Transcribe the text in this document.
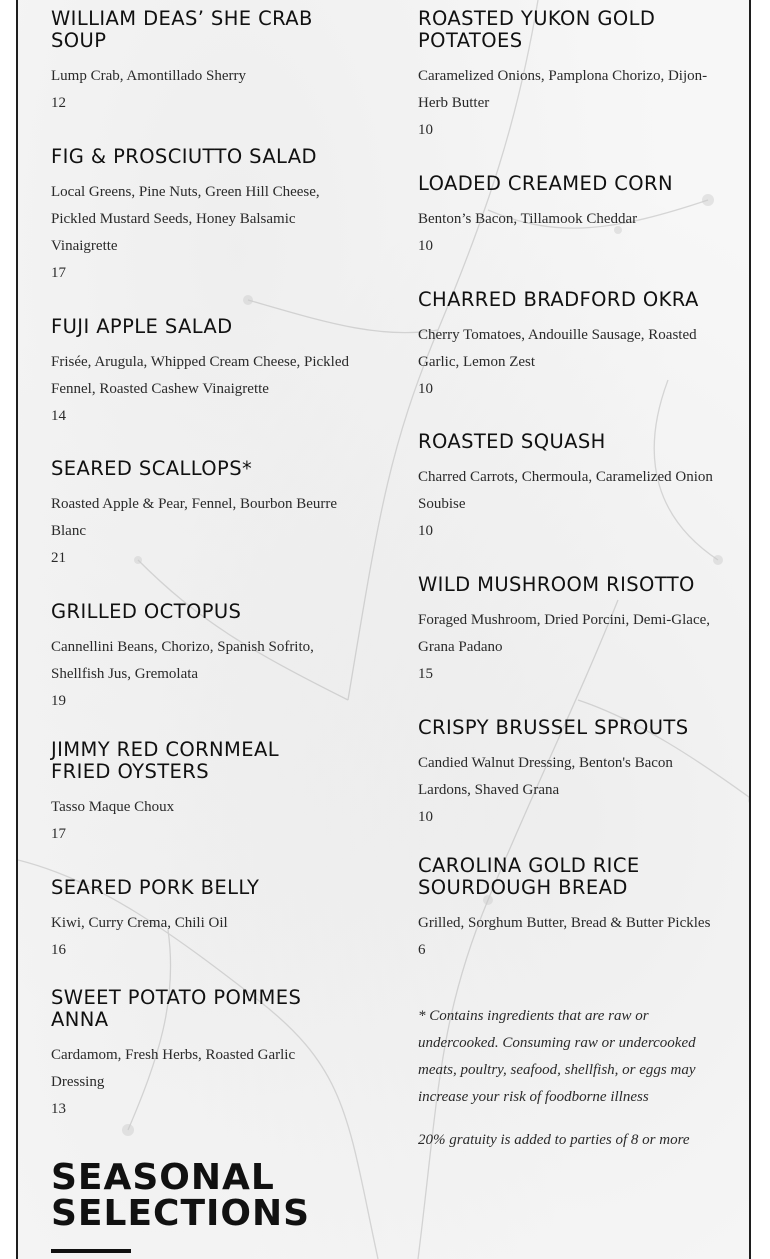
WILLIAM DEAS’ SHE CRAB SOUP

Lump Crab, Amontillado Sherry

12

FIG & PROSCIUTTO SALAD

Local Greens, Pine Nuts, Green Hill Cheese, Pickled Mustard Seeds, Honey Balsamic Vinaigrette

17

FUJI APPLE SALAD

Frisée, Arugula, Whipped Cream Cheese, Pickled Fennel, Roasted Cashew Vinaigrette

14

SEARED SCALLOPS*

Roasted Apple & Pear, Fennel, Bourbon Beurre Blanc

21

GRILLED OCTOPUS

Cannellini Beans, Chorizo, Spanish Sofrito, Shellfish Jus, Gremolata

19

JIMMY RED CORNMEAL FRIED OYSTERS

Tasso Maque Choux

17

SEARED PORK BELLY

Kiwi, Curry Crema, Chili Oil

16

SWEET POTATO POMMES ANNA

Cardamom, Fresh Herbs, Roasted Garlic Dressing

13

SEASONAL SELECTIONS
ROASTED YUKON GOLD POTATOES

Caramelized Onions, Pamplona Chorizo, Dijon-Herb Butter

10

LOADED CREAMED CORN

Benton’s Bacon, Tillamook Cheddar

10

CHARRED BRADFORD OKRA

Cherry Tomatoes, Andouille Sausage, Roasted Garlic, Lemon Zest

10

ROASTED SQUASH

Charred Carrots, Chermoula, Caramelized Onion Soubise

10

WILD MUSHROOM RISOTTO

Foraged Mushroom, Dried Porcini, Demi-Glace, Grana Padano

15

CRISPY BRUSSEL SPROUTS

Candied Walnut Dressing, Benton's Bacon Lardons, Shaved Grana

10

CAROLINA GOLD RICE SOURDOUGH BREAD

Grilled, Sorghum Butter, Bread & Butter Pickles

6

* Contains ingredients that are raw or undercooked. Consuming raw or undercooked meats, poultry, seafood, shellfish, or eggs may increase your risk of foodborne illness

20% gratuity is added to parties of 8 or more
